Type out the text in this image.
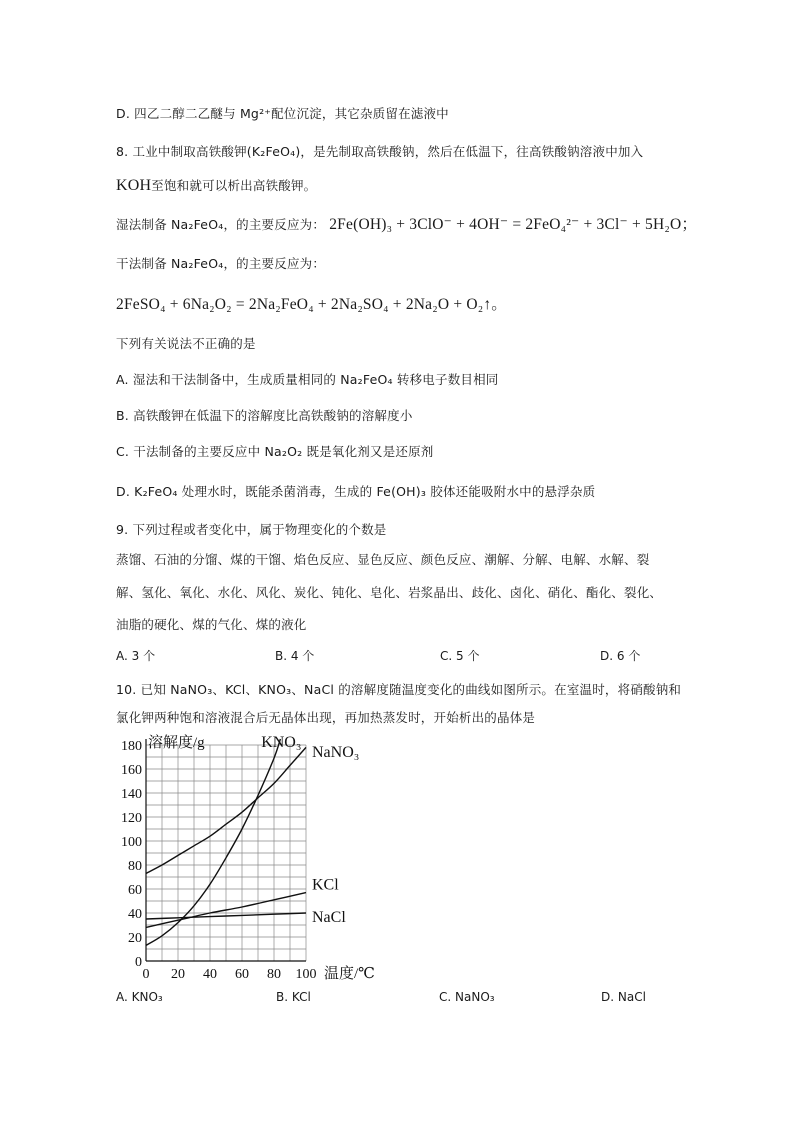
D. 四乙二醇二乙醚与 Mg²⁺配位沉淀，其它杂质留在滤液中
8. 工业中制取高铁酸钾(K₂FeO₄)，是先制取高铁酸钠，然后在低温下，往高铁酸钠溶液中加入
KOH至饱和就可以析出高铁酸钾。
湿法制备 Na₂FeO₄，的主要反应为： 2Fe(OH)₃ + 3ClO⁻ + 4OH⁻ = 2FeO₄²⁻ + 3Cl⁻ + 5H₂O；
干法制备 Na₂FeO₄，的主要反应为：
2FeSO₄ + 6Na₂O₂ = 2Na₂FeO₄ + 2Na₂SO₄ + 2Na₂O + O₂↑。
下列有关说法不正确的是
A. 湿法和干法制备中，生成质量相同的 Na₂FeO₄ 转移电子数目相同
B. 高铁酸钾在低温下的溶解度比高铁酸钠的溶解度小
C. 干法制备的主要反应中 Na₂O₂ 既是氧化剂又是还原剂
D. K₂FeO₄ 处理水时，既能杀菌消毒，生成的 Fe(OH)₃ 胶体还能吸附水中的悬浮杂质
9. 下列过程或者变化中，属于物理变化的个数是
蒸馏、石油的分馏、煤的干馏、焰色反应、显色反应、颜色反应、潮解、分解、电解、水解、裂
解、氢化、氧化、水化、风化、炭化、钝化、皂化、岩浆晶出、歧化、卤化、硝化、酯化、裂化、
油脂的硬化、煤的气化、煤的液化
A. 3 个	B. 4 个	C. 5 个	D. 6 个
10. 已知 NaNO₃、KCl、KNO₃、NaCl 的溶解度随温度变化的曲线如图所示。在室温时，将硝酸钠和
氯化钾两种饱和溶液混合后无晶体出现，再加热蒸发时，开始析出的晶体是
0
20
40
60
80
100
120
140
160
180
0 20 40 60 80 100
溶解度/g
温度/℃
KNO₃
NaNO₃
KCl
NaCl
A. KNO₃	B. KCl	C. NaNO₃	D. NaCl
